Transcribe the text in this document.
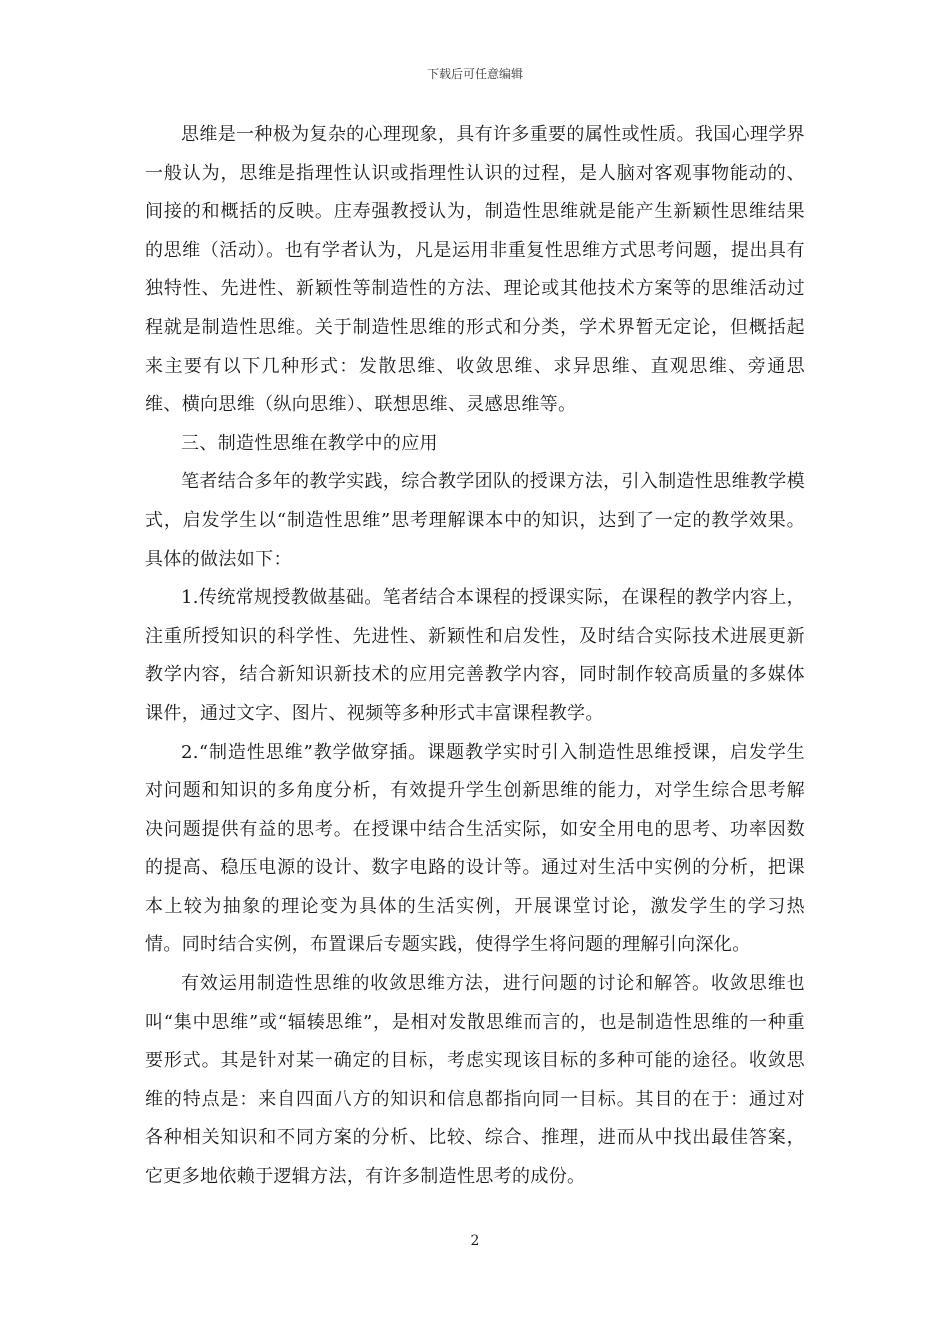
下载后可任意编辑

思维是一种极为复杂的心理现象，具有许多重要的属性或性质。我国心理学界一般认为，思维是指理性认识或指理性认识的过程，是人脑对客观事物能动的、间接的和概括的反映。庄寿强教授认为，制造性思维就是能产生新颖性思维结果的思维（活动）。也有学者认为，凡是运用非重复性思维方式思考问题，提出具有独特性、先进性、新颖性等制造性的方法、理论或其他技术方案等的思维活动过程就是制造性思维。关于制造性思维的形式和分类，学术界暂无定论，但概括起来主要有以下几种形式：发散思维、收敛思维、求异思维、直观思维、旁通思维、横向思维（纵向思维）、联想思维、灵感思维等。

三、制造性思维在教学中的应用

笔者结合多年的教学实践，综合教学团队的授课方法，引入制造性思维教学模式，启发学生以“制造性思维”思考理解课本中的知识，达到了一定的教学效果。具体的做法如下：

1.传统常规授教做基础。笔者结合本课程的授课实际，在课程的教学内容上，注重所授知识的科学性、先进性、新颖性和启发性，及时结合实际技术进展更新教学内容，结合新知识新技术的应用完善教学内容，同时制作较高质量的多媒体课件，通过文字、图片、视频等多种形式丰富课程教学。

2.“制造性思维”教学做穿插。课题教学实时引入制造性思维授课，启发学生对问题和知识的多角度分析，有效提升学生创新思维的能力，对学生综合思考解决问题提供有益的思考。在授课中结合生活实际，如安全用电的思考、功率因数的提高、稳压电源的设计、数字电路的设计等。通过对生活中实例的分析，把课本上较为抽象的理论变为具体的生活实例，开展课堂讨论，激发学生的学习热情。同时结合实例，布置课后专题实践，使得学生将问题的理解引向深化。

有效运用制造性思维的收敛思维方法，进行问题的讨论和解答。收敛思维也叫“集中思维”或“辐辏思维”，是相对发散思维而言的，也是制造性思维的一种重要形式。其是针对某一确定的目标，考虑实现该目标的多种可能的途径。收敛思维的特点是：来自四面八方的知识和信息都指向同一目标。其目的在于：通过对各种相关知识和不同方案的分析、比较、综合、推理，进而从中找出最佳答案，它更多地依赖于逻辑方法，有许多制造性思考的成份。

2
